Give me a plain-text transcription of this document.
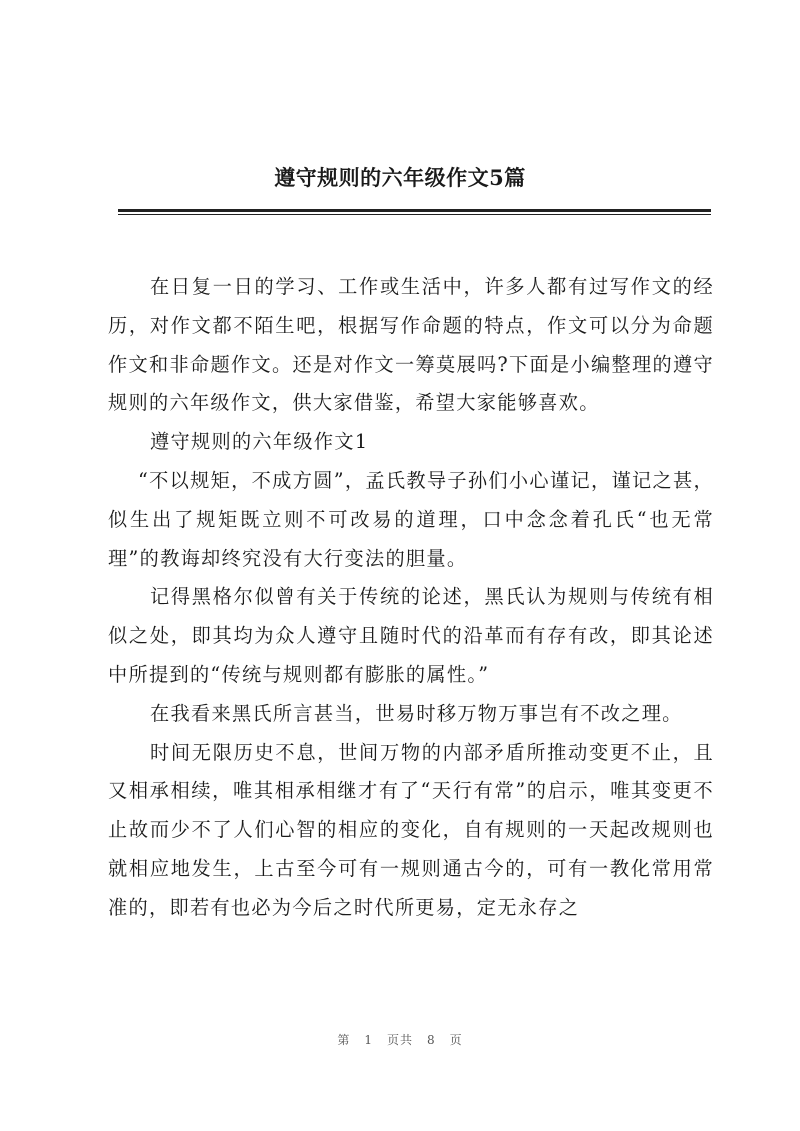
遵守规则的六年级作文5篇

在日复一日的学习、工作或生活中，许多人都有过写作文的经历，对作文都不陌生吧，根据写作命题的特点，作文可以分为命题作文和非命题作文。还是对作文一筹莫展吗?下面是小编整理的遵守规则的六年级作文，供大家借鉴，希望大家能够喜欢。

遵守规则的六年级作文1

“不以规矩，不成方圆”，孟氏教导子孙们小心谨记，谨记之甚，似生出了规矩既立则不可改易的道理，口中念念着孔氏“也无常理”的教诲却终究没有大行变法的胆量。

记得黑格尔似曾有关于传统的论述，黑氏认为规则与传统有相似之处，即其均为众人遵守且随时代的沿革而有存有改，即其论述中所提到的“传统与规则都有膨胀的属性。”

在我看来黑氏所言甚当，世易时移万物万事岂有不改之理。

时间无限历史不息，世间万物的内部矛盾所推动变更不止，且又相承相续，唯其相承相继才有了“天行有常”的启示，唯其变更不止故而少不了人们心智的相应的变化，自有规则的一天起改规则也就相应地发生，上古至今可有一规则通古今的，可有一教化常用常准的，即若有也必为今后之时代所更易，定无永存之

第 1 页共 8 页
